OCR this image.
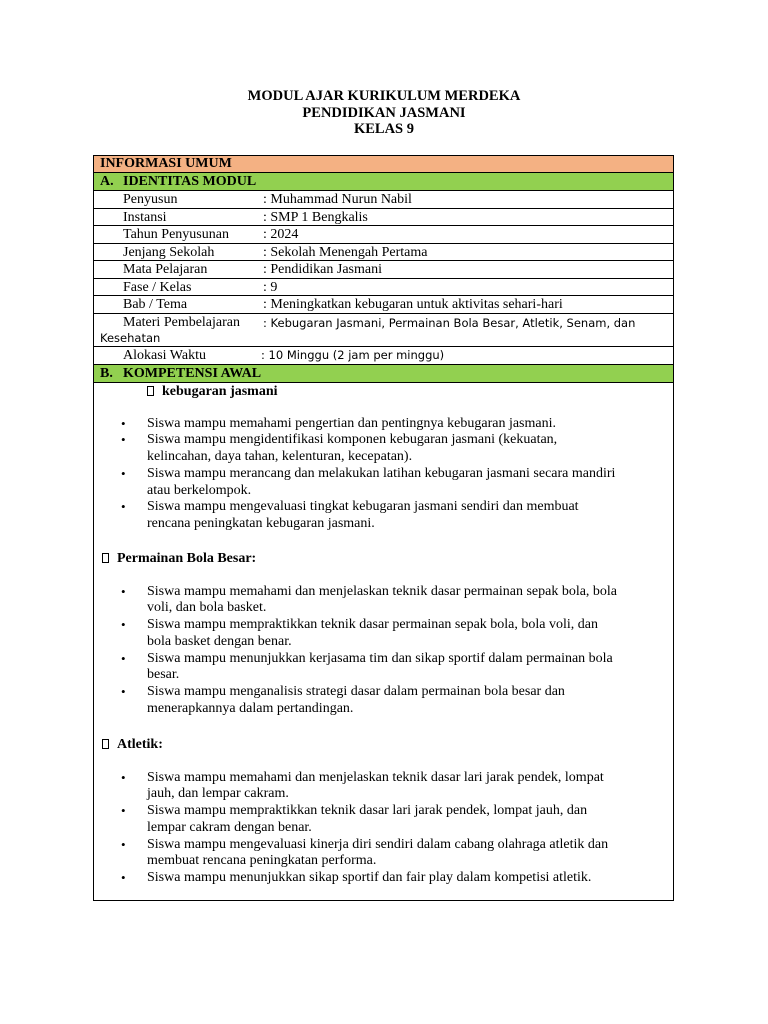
MODUL AJAR KURIKULUM MERDEKA
PENDIDIKAN JASMANI
KELAS 9
INFORMASI UMUM
A. IDENTITAS MODUL
Penyusun	: Muhammad Nurun Nabil
Instansi	: SMP 1 Bengkalis
Tahun Penyusunan : 2024
Jenjang Sekolah	: Sekolah Menengah Pertama
Mata Pelajaran	: Pendidikan Jasmani
Fase / Kelas	: 9
Bab / Tema	: Meningkatkan kebugaran untuk aktivitas sehari-hari
Materi Pembelajaran : Kebugaran Jasmani, Permainan Bola Besar, Atletik, Senam, dan
Kesehatan
Alokasi Waktu	: 10 Minggu (2 jam per minggu)
B. KOMPETENSI AWAL
kebugaran jasmani
• Siswa mampu memahami pengertian dan pentingnya kebugaran jasmani.
• Siswa mampu mengidentifikasi komponen kebugaran jasmani (kekuatan,
kelincahan, daya tahan, kelenturan, kecepatan).
• Siswa mampu merancang dan melakukan latihan kebugaran jasmani secara mandiri
atau berkelompok.
• Siswa mampu mengevaluasi tingkat kebugaran jasmani sendiri dan membuat
rencana peningkatan kebugaran jasmani.
Permainan Bola Besar:
• Siswa mampu memahami dan menjelaskan teknik dasar permainan sepak bola, bola
voli, dan bola basket.
• Siswa mampu mempraktikkan teknik dasar permainan sepak bola, bola voli, dan
bola basket dengan benar.
• Siswa mampu menunjukkan kerjasama tim dan sikap sportif dalam permainan bola
besar.
• Siswa mampu menganalisis strategi dasar dalam permainan bola besar dan
menerapkannya dalam pertandingan.
Atletik:
• Siswa mampu memahami dan menjelaskan teknik dasar lari jarak pendek, lompat
jauh, dan lempar cakram.
• Siswa mampu mempraktikkan teknik dasar lari jarak pendek, lompat jauh, dan
lempar cakram dengan benar.
• Siswa mampu mengevaluasi kinerja diri sendiri dalam cabang olahraga atletik dan
membuat rencana peningkatan performa.
• Siswa mampu menunjukkan sikap sportif dan fair play dalam kompetisi atletik.
